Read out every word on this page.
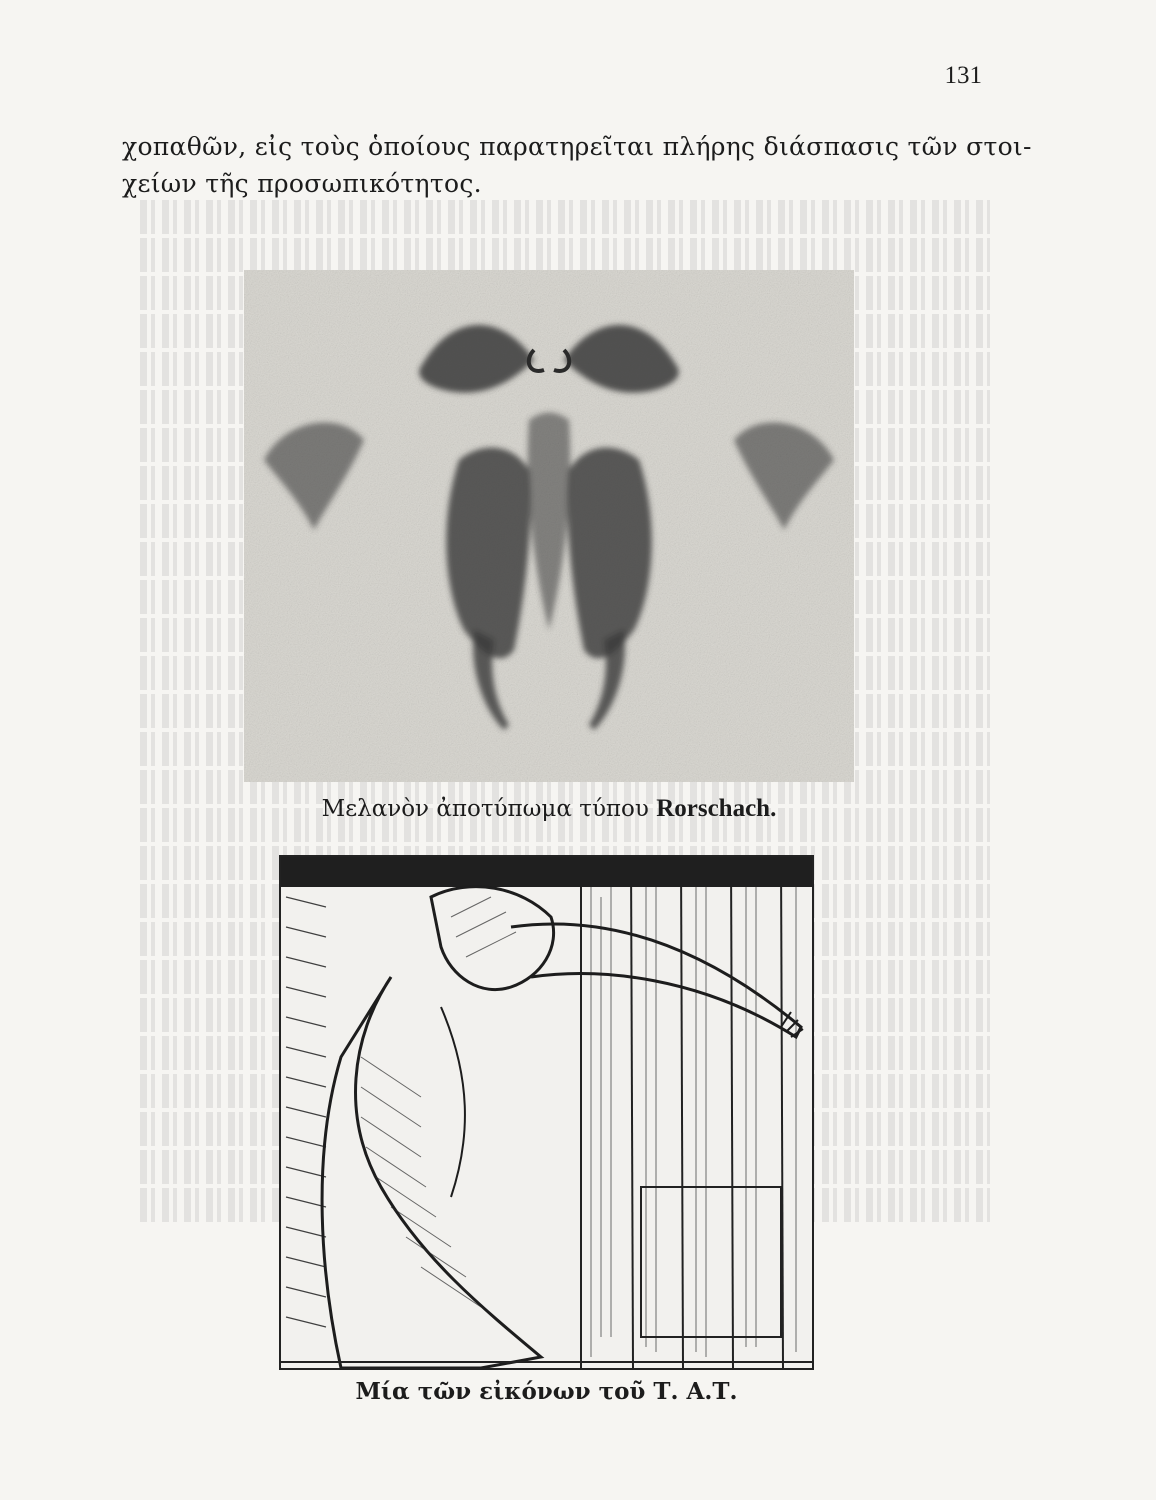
131
χοπαθῶν, εἰς τοὺς ὁποίους παρατηρεῖται πλήρης διάσπασις τῶν στοι-
χείων τῆς προσωπικότητος.
Μελανὸν ἀποτύπωμα τύπου Rorschach.
Μία τῶν εἰκόνων τοῦ Τ. Α.Τ.
